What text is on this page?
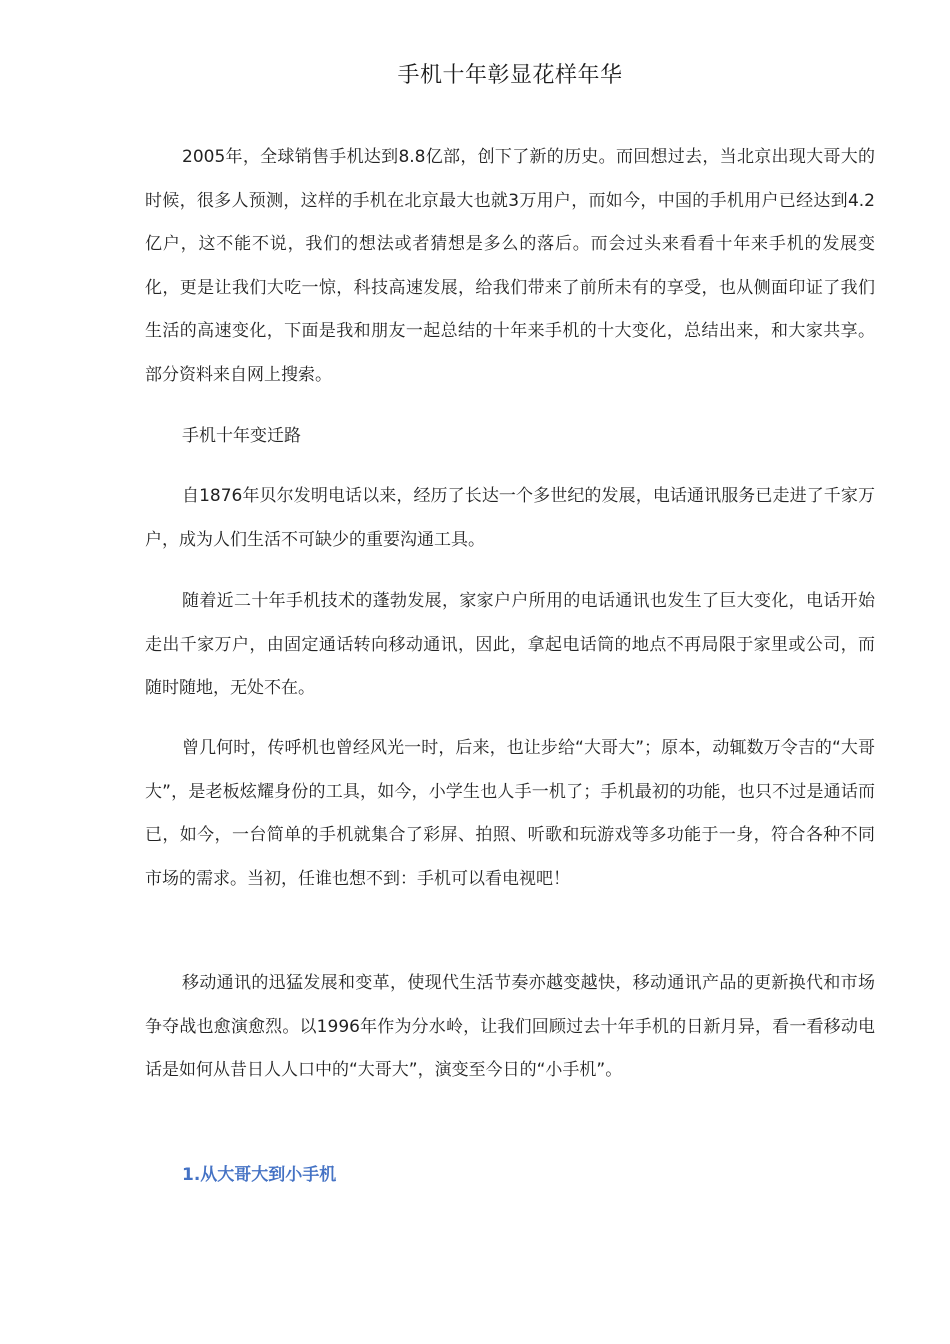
手机十年彰显花样年华

2005年，全球销售手机达到8.8亿部，创下了新的历史。而回想过去，当北京出现大哥大的时候，很多人预测，这样的手机在北京最大也就3万用户，而如今，中国的手机用户已经达到4.2亿户，这不能不说，我们的想法或者猜想是多么的落后。而会过头来看看十年来手机的发展变化，更是让我们大吃一惊，科技高速发展，给我们带来了前所未有的享受，也从侧面印证了我们生活的高速变化，下面是我和朋友一起总结的十年来手机的十大变化，总结出来，和大家共享。部分资料来自网上搜索。

手机十年变迁路

自1876年贝尔发明电话以来，经历了长达一个多世纪的发展，电话通讯服务已走进了千家万户，成为人们生活不可缺少的重要沟通工具。

随着近二十年手机技术的蓬勃发展，家家户户所用的电话通讯也发生了巨大变化，电话开始走出千家万户，由固定通话转向移动通讯，因此，拿起电话筒的地点不再局限于家里或公司，而随时随地，无处不在。

曾几何时，传呼机也曾经风光一时，后来，也让步给“大哥大”；原本，动辄数万令吉的“大哥大”，是老板炫耀身份的工具，如今，小学生也人手一机了；手机最初的功能，也只不过是通话而已，如今，一台简单的手机就集合了彩屏、拍照、听歌和玩游戏等多功能于一身，符合各种不同市场的需求。当初，任谁也想不到：手机可以看电视吧！

移动通讯的迅猛发展和变革，使现代生活节奏亦越变越快，移动通讯产品的更新换代和市场争夺战也愈演愈烈。以1996年作为分水岭，让我们回顾过去十年手机的日新月异，看一看移动电话是如何从昔日人人口中的“大哥大”，演变至今日的“小手机”。

1.从大哥大到小手机
